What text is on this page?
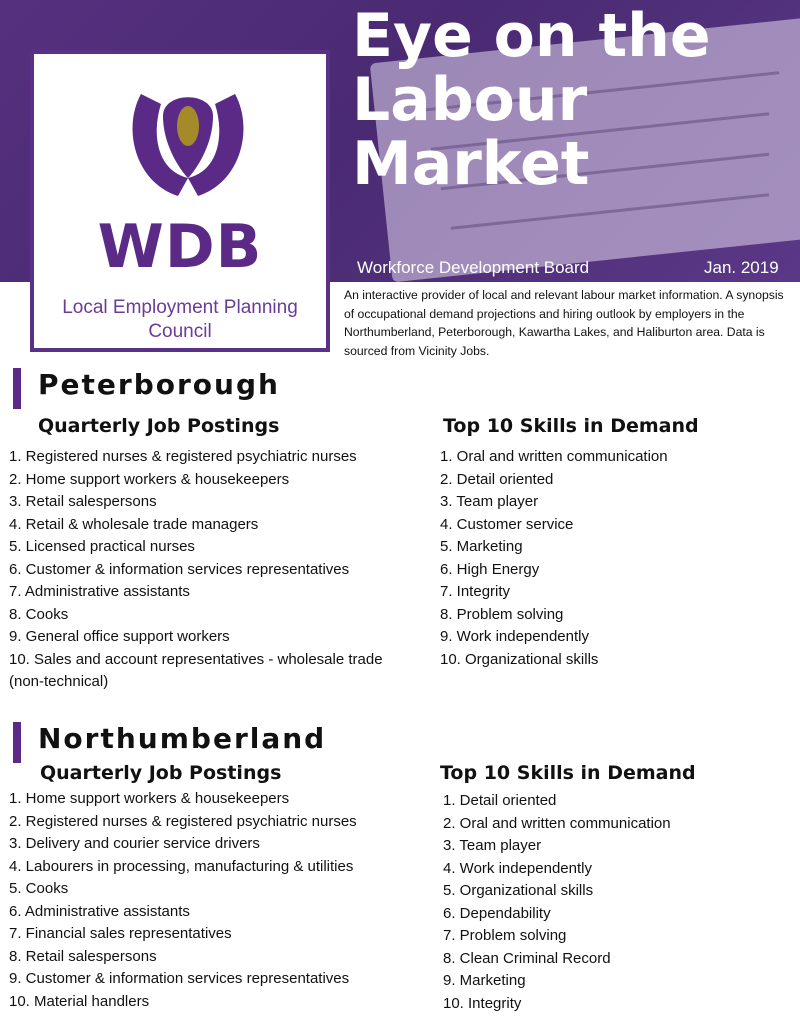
Eye on the Labour Market
Workforce Development Board	Jan. 2019
WDB
Local Employment Planning Council
An interactive provider of local and relevant labour market information. A synopsis of occupational demand projections and hiring outlook by employers in the Northumberland, Peterborough, Kawartha Lakes, and Haliburton area. Data is sourced from Vicinity Jobs.
Peterborough
Quarterly Job Postings	Top 10 Skills in Demand
1. Registered nurses & registered psychiatric nurses
2. Home support workers & housekeepers
3. Retail salespersons
4. Retail & wholesale trade managers
5. Licensed practical nurses
6. Customer & information services representatives
7. Administrative assistants
8. Cooks
9. General office support workers
10. Sales and account representatives - wholesale trade (non-technical)
1. Oral and written communication
2. Detail oriented
3. Team player
4. Customer service
5. Marketing
6. High Energy
7. Integrity
8. Problem solving
9. Work independently
10. Organizational skills
Northumberland
Quarterly Job Postings	Top 10 Skills in Demand
1. Home support workers & housekeepers
2. Registered nurses & registered psychiatric nurses
3. Delivery and courier service drivers
4. Labourers in processing, manufacturing & utilities
5. Cooks
6. Administrative assistants
7. Financial sales representatives
8. Retail salespersons
9. Customer & information services representatives
10. Material handlers
1. Detail oriented
2. Oral and written communication
3. Team player
4. Work independently
5. Organizational skills
6. Dependability
7. Problem solving
8. Clean Criminal Record
9. Marketing
10. Integrity
